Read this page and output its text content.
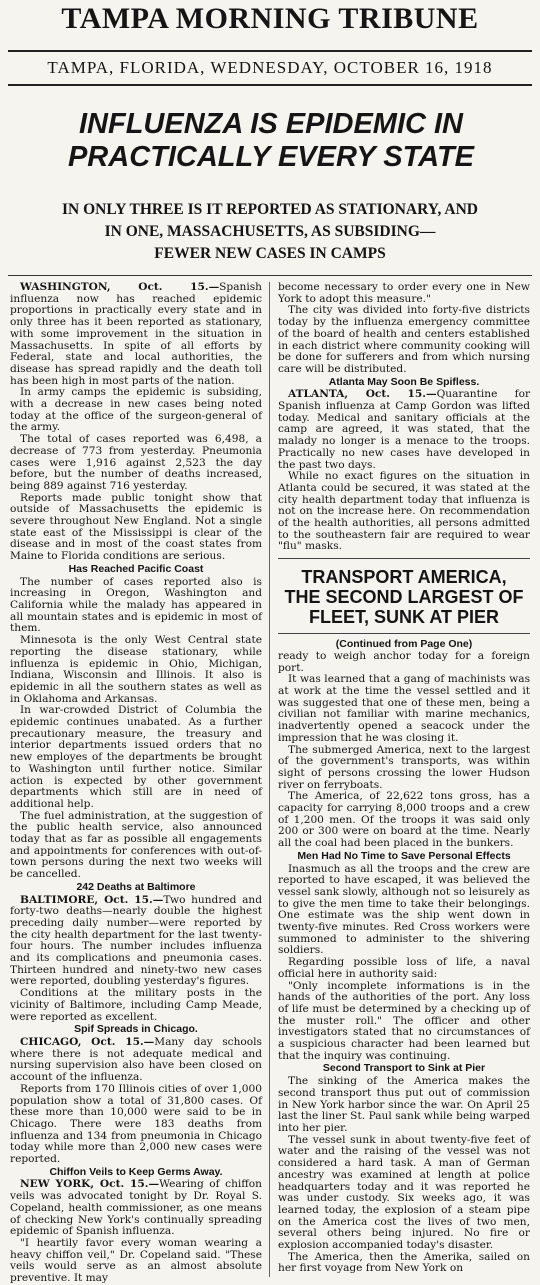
TAMPA MORNING TRIBUNE
TAMPA, FLORIDA, WEDNESDAY, OCTOBER 16, 1918
INFLUENZA IS EPIDEMIC IN
PRACTICALLY EVERY STATE
IN ONLY THREE IS IT REPORTED AS STATIONARY, AND
IN ONE, MASSACHUSETTS, AS SUBSIDING—
FEWER NEW CASES IN CAMPS

WASHINGTON, Oct. 15.—Spanish influenza now has reached epidemic proportions in practically every state and in only three has it been reported as stationary, with some improvement in the situation in Massachusetts. In spite of all efforts by Federal, state and local authorities, the disease has spread rapidly and the death toll has been high in most parts of the nation.

In army camps the epidemic is subsiding, with a decrease in new cases being noted today at the office of the surgeon-general of the army.

The total of cases reported was 6,498, a decrease of 773 from yesterday. Pneumonia cases were 1,916 against 2,523 the day before, but the number of deaths increased, being 889 against 716 yesterday.

Reports made public tonight show that outside of Massachusetts the epidemic is severe throughout New England. Not a single state east of the Mississippi is clear of the disease and in most of the coast states from Maine to Florida conditions are serious.

Has Reached Pacific Coast

The number of cases reported also is increasing in Oregon, Washington and California while the malady has appeared in all mountain states and is epidemic in most of them.

Minnesota is the only West Central state reporting the disease stationary, while influenza is epidemic in Ohio, Michigan, Indiana, Wisconsin and Illinois. It also is epidemic in all the southern states as well as in Oklahoma and Arkansas.

In war-crowded District of Columbia the epidemic continues unabated. As a further precautionary measure, the treasury and interior departments issued orders that no new employes of the departments be brought to Washington until further notice. Similar action is expected by other government departments which still are in need of additional help.

The fuel administration, at the suggestion of the public health service, also announced today that as far as possible all engagements and appointments for conferences with out-of-town persons during the next two weeks will be cancelled.

242 Deaths at Baltimore

BALTIMORE, Oct. 15.—Two hundred and forty-two deaths—nearly double the highest preceding daily number—were reported by the city health department for the last twenty-four hours. The number includes influenza and its complications and pneumonia cases. Thirteen hundred and ninety-two new cases were reported, doubling yesterday's figures.

Conditions at the military posts in the vicinity of Baltimore, including Camp Meade, were reported as excellent.

Spif Spreads in Chicago.

CHICAGO, Oct. 15.—Many day schools where there is not adequate medical and nursing supervision also have been closed on account of the influenza.

Reports from 170 Illinois cities of over 1,000 population show a total of 31,800 cases. Of these more than 10,000 were said to be in Chicago. There were 183 deaths from influenza and 134 from pneumonia in Chicago today while more than 2,000 new cases were reported.

Chiffon Veils to Keep Germs Away.

NEW YORK, Oct. 15.—Wearing of chiffon veils was advocated tonight by Dr. Royal S. Copeland, health commissioner, as one means of checking New York's continually spreading epidemic of Spanish influenza.

"I heartily favor every woman wearing a heavy chiffon veil," Dr. Copeland said. "These veils would serve as an almost absolute preventive. It may

become necessary to order every one in New York to adopt this measure."

The city was divided into forty-five districts today by the influenza emergency committee of the board of health and centers established in each district where community cooking will be done for sufferers and from which nursing care will be distributed.

Atlanta May Soon Be Spifless.

ATLANTA, Oct. 15.—Quarantine for Spanish influenza at Camp Gordon was lifted today. Medical and sanitary officials at the camp are agreed, it was stated, that the malady no longer is a menace to the troops. Practically no new cases have developed in the past two days.

While no exact figures on the situation in Atlanta could be secured, it was stated at the city health department today that influenza is not on the increase here. On recommendation of the health authorities, all persons admitted to the southeastern fair are required to wear "flu" masks.

TRANSPORT AMERICA,
THE SECOND LARGEST OF
FLEET, SUNK AT PIER

(Continued from Page One)

ready to weigh anchor today for a foreign port.

It was learned that a gang of machinists was at work at the time the vessel settled and it was suggested that one of these men, being a civilian not familiar with marine mechanics, inadvertently opened a seacock under the impression that he was closing it.

The submerged America, next to the largest of the government's transports, was within sight of persons crossing the lower Hudson river on ferryboats.

The America, of 22,622 tons gross, has a capacity for carrying 8,000 troops and a crew of 1,200 men. Of the troops it was said only 200 or 300 were on board at the time. Nearly all the coal had been placed in the bunkers.

Men Had No Time to Save Personal Effects

Inasmuch as all the troops and the crew are reported to have escaped, it was believed the vessel sank slowly, although not so leisurely as to give the men time to take their belongings. One estimate was the ship went down in twenty-five minutes. Red Cross workers were summoned to administer to the shivering soldiers.

Regarding possible loss of life, a naval official here in authority said:

"Only incomplete informations is in the hands of the authorities of the port. Any loss of life must be determined by a checking up of the muster roll." The officer and other investigators stated that no circumstances of a suspicious character had been learned but that the inquiry was continuing.

Second Transport to Sink at Pier

The sinking of the America makes the second transport thus put out of commission in New York harbor since the war. On April 25 last the liner St. Paul sank while being warped into her pier.

The vessel sunk in about twenty-five feet of water and the raising of the vessel was not considered a hard task. A man of German ancestry was examined at length at police headquarters today and it was reported he was under custody. Six weeks ago, it was learned today, the explosion of a steam pipe on the America cost the lives of two men, several others being injured. No fire or explosion accompanied today's disaster.

The America, then the Amerika, sailed on her first voyage from New York on
